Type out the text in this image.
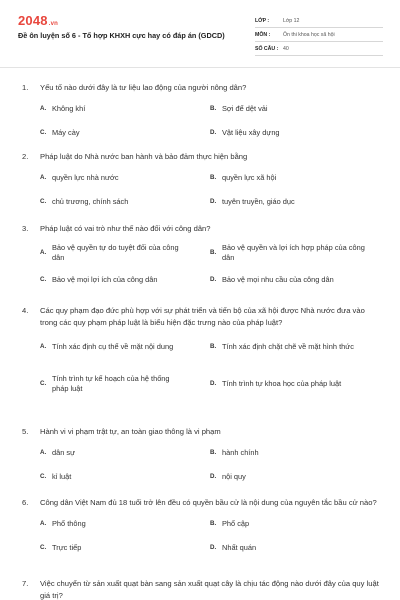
2048.vn
Đề ôn luyện số 6 - Tổ hợp KHXH cực hay có đáp án (GDCD)
LỚP :	Lớp 12
MÔN :	Ôn thi khoa học xã hội
SỐ CÂU : 40
1.	Yếu tố nào dưới đây là tư liệu lao động của người nông dân?
A. Không khí	B. Sợi để dệt vải
C. Máy cày	D. Vật liệu xây dựng
2.	Pháp luật do Nhà nước ban hành và bảo đảm thực hiện bằng
A. quyền lực nhà nước	B. quyền lực xã hội
C. chủ trương, chính sách	D. tuyên truyền, giáo dục
3.	Pháp luật có vai trò như thế nào đối với công dân?
A.
Bảo vệ quyền tự do tuyệt đối của công dân
B.
Bảo vệ quyền và lợi ích hợp pháp của công dân
C. Bảo vệ mọi lợi ích của công dân	D. Bảo vệ mọi nhu cầu của công dân
4.	Các quy phạm đạo đức phù hợp với sự phát triển và tiến bộ của xã hội được Nhà nước đưa vào trong các quy phạm pháp luật là biểu hiện đặc trưng nào của pháp luật?
A. Tính xác định cụ thể về mặt nội dung	B. Tính xác định chặt chẽ về mặt hình thức
C.
Tính trình tự kế hoạch của hệ thống pháp luật
D. Tính trình tự khoa học của pháp luật
5.	Hành vi vi phạm trật tự, an toàn giao thông là vi phạm
A. dân sự	B. hành chính
C. kỉ luật	D. nội quy
6.	Công dân Việt Nam đủ 18 tuổi trở lên đều có quyền bầu cử là nội dung của nguyên tắc bầu cử nào?
A. Phổ thông	B. Phổ cập
C. Trực tiếp	D. Nhất quán
7.	Việc chuyển từ sản xuất quạt bàn sang sản xuất quạt cây là chịu tác động nào dưới đây của quy luật giá trị?
